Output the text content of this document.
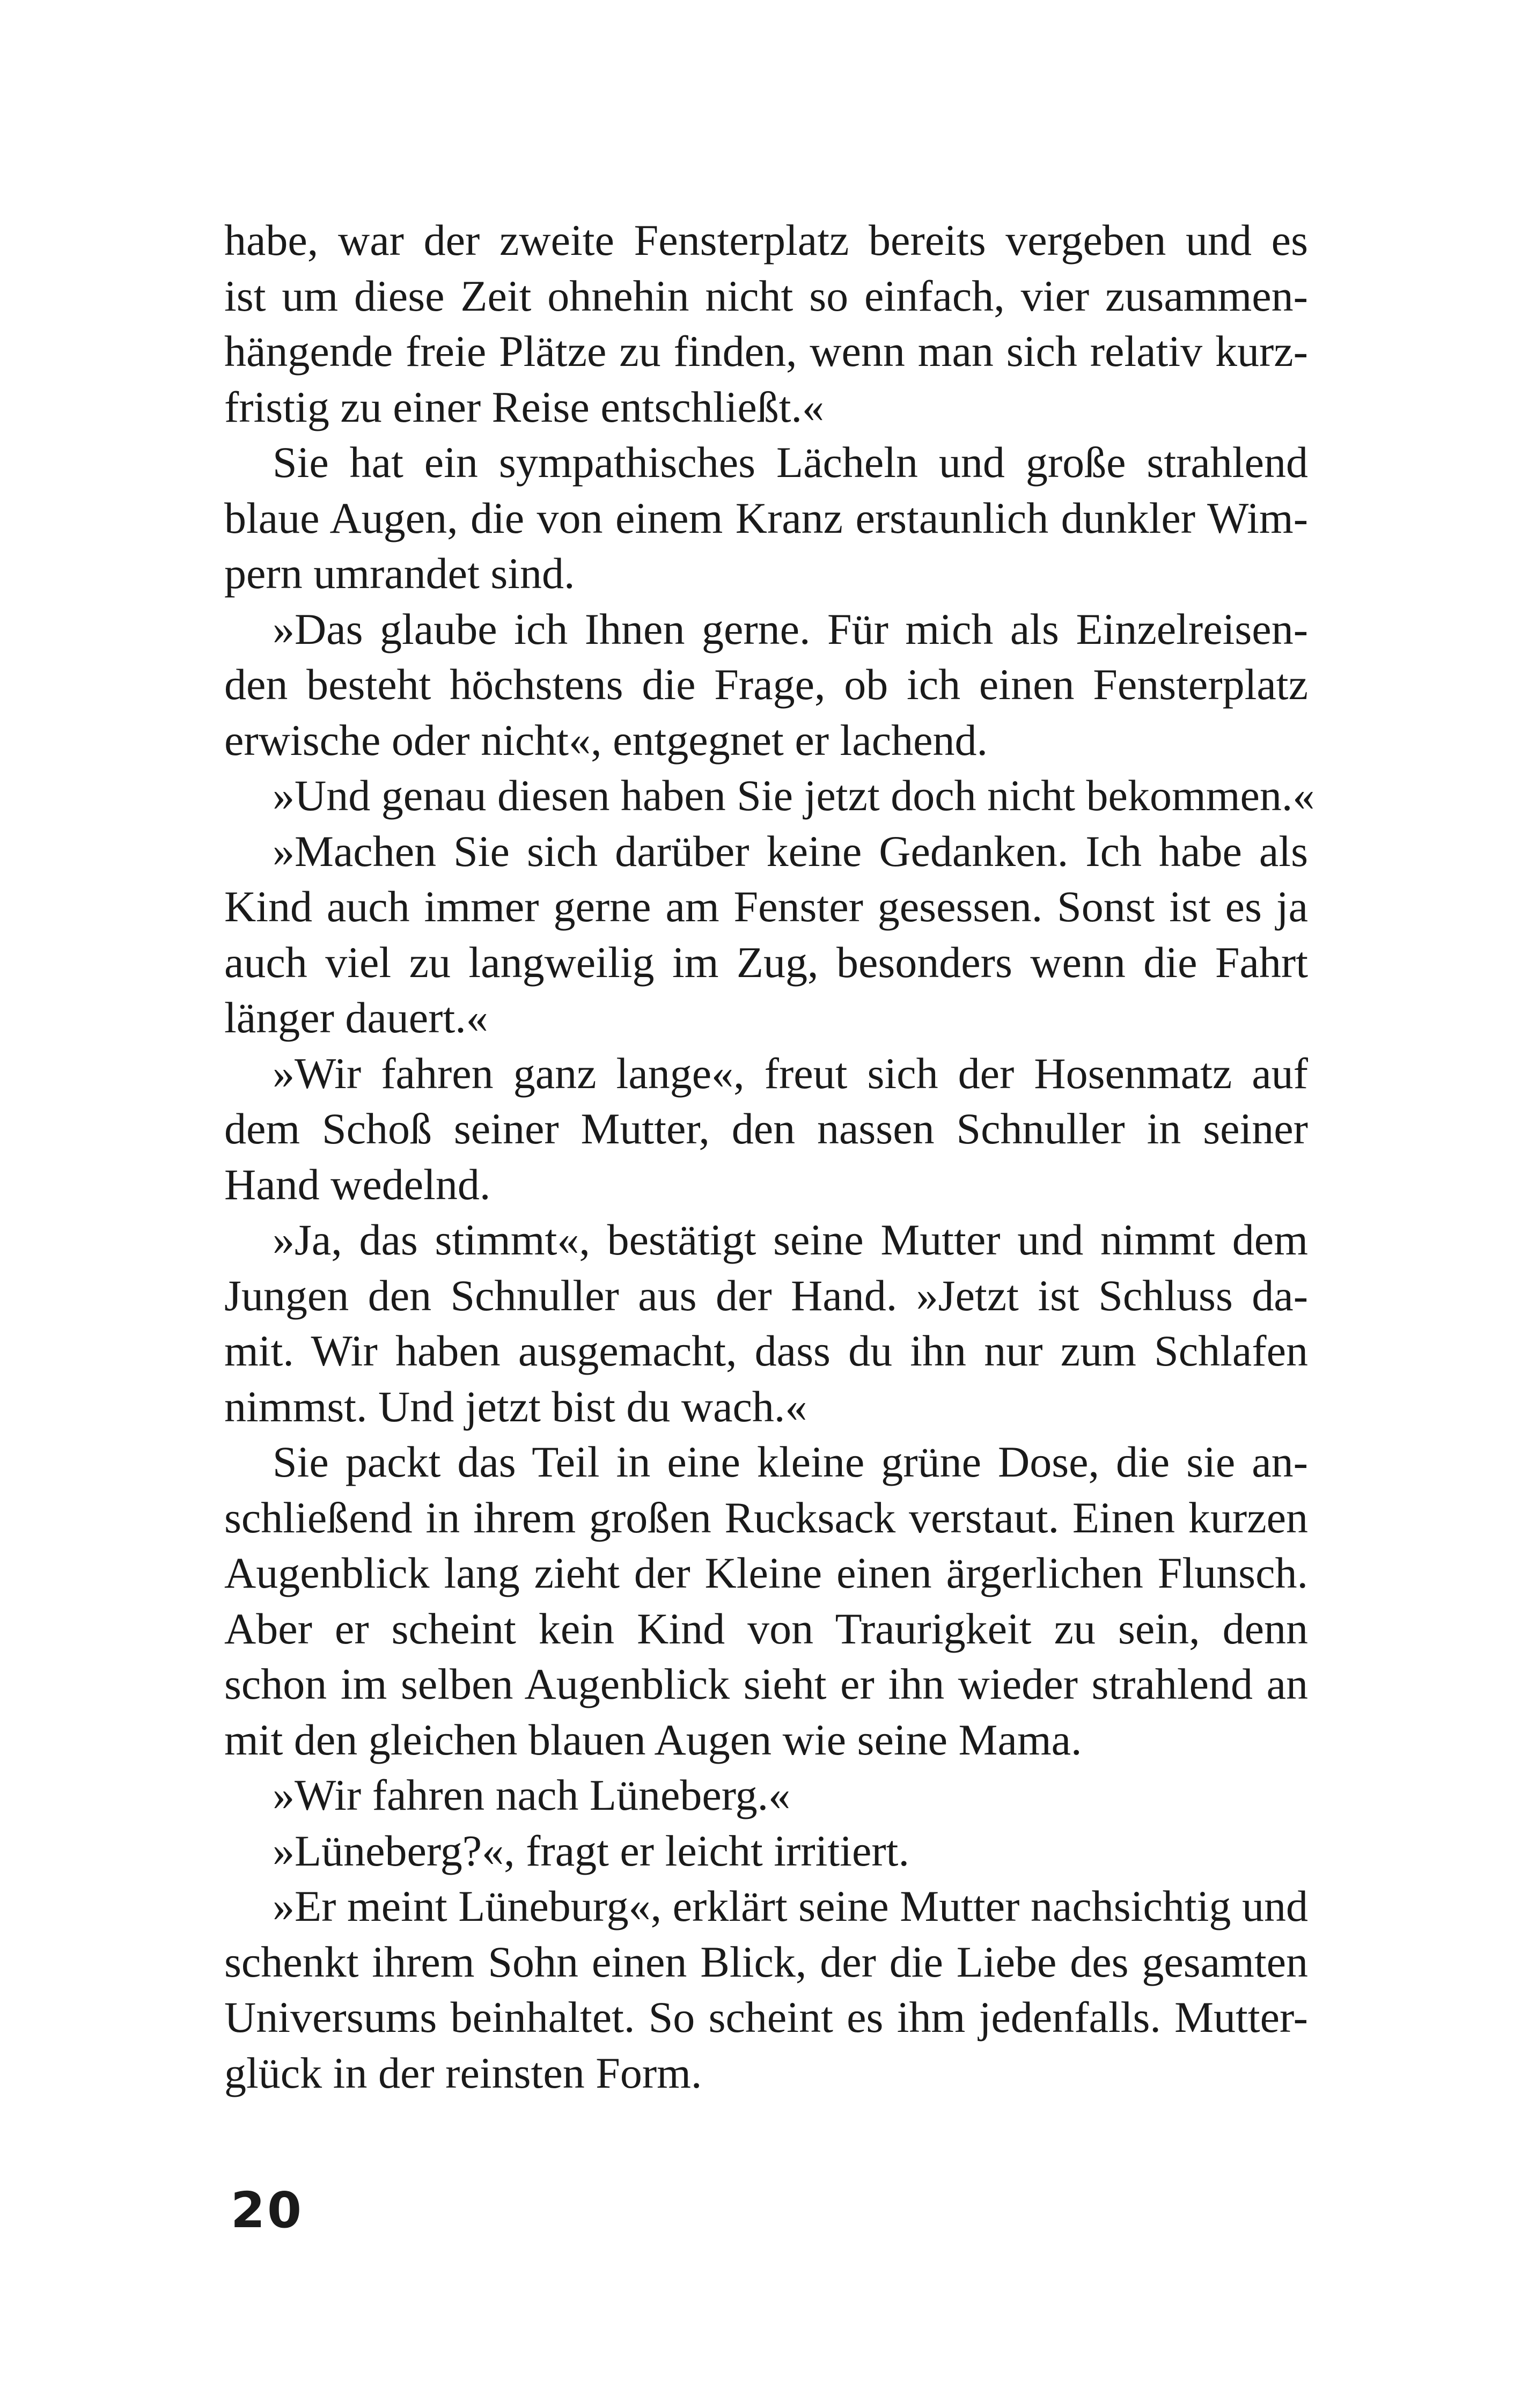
habe, war der zweite Fensterplatz bereits vergeben und es
ist um diese Zeit ohnehin nicht so einfach, vier zusammen-
hängende freie Plätze zu finden, wenn man sich relativ kurz-
fristig zu einer Reise entschließt.«
Sie hat ein sympathisches Lächeln und große strahlend
blaue Augen, die von einem Kranz erstaunlich dunkler Wim-
pern umrandet sind.
»Das glaube ich Ihnen gerne. Für mich als Einzelreisen-
den besteht höchstens die Frage, ob ich einen Fensterplatz
erwische oder nicht«, entgegnet er lachend.
»Und genau diesen haben Sie jetzt doch nicht bekommen.«
»Machen Sie sich darüber keine Gedanken. Ich habe als
Kind auch immer gerne am Fenster gesessen. Sonst ist es ja
auch viel zu langweilig im Zug, besonders wenn die Fahrt
länger dauert.«
»Wir fahren ganz lange«, freut sich der Hosenmatz auf
dem Schoß seiner Mutter, den nassen Schnuller in seiner
Hand wedelnd.
»Ja, das stimmt«, bestätigt seine Mutter und nimmt dem
Jungen den Schnuller aus der Hand. »Jetzt ist Schluss da-
mit. Wir haben ausgemacht, dass du ihn nur zum Schlafen
nimmst. Und jetzt bist du wach.«
Sie packt das Teil in eine kleine grüne Dose, die sie an-
schließend in ihrem großen Rucksack verstaut. Einen kurzen
Augenblick lang zieht der Kleine einen ärgerlichen Flunsch.
Aber er scheint kein Kind von Traurigkeit zu sein, denn
schon im selben Augenblick sieht er ihn wieder strahlend an
mit den gleichen blauen Augen wie seine Mama.
»Wir fahren nach Lüneberg.«
»Lüneberg?«, fragt er leicht irritiert.
»Er meint Lüneburg«, erklärt seine Mutter nachsichtig und
schenkt ihrem Sohn einen Blick, der die Liebe des gesamten
Universums beinhaltet. So scheint es ihm jedenfalls. Mutter-
glück in der reinsten Form.
20
